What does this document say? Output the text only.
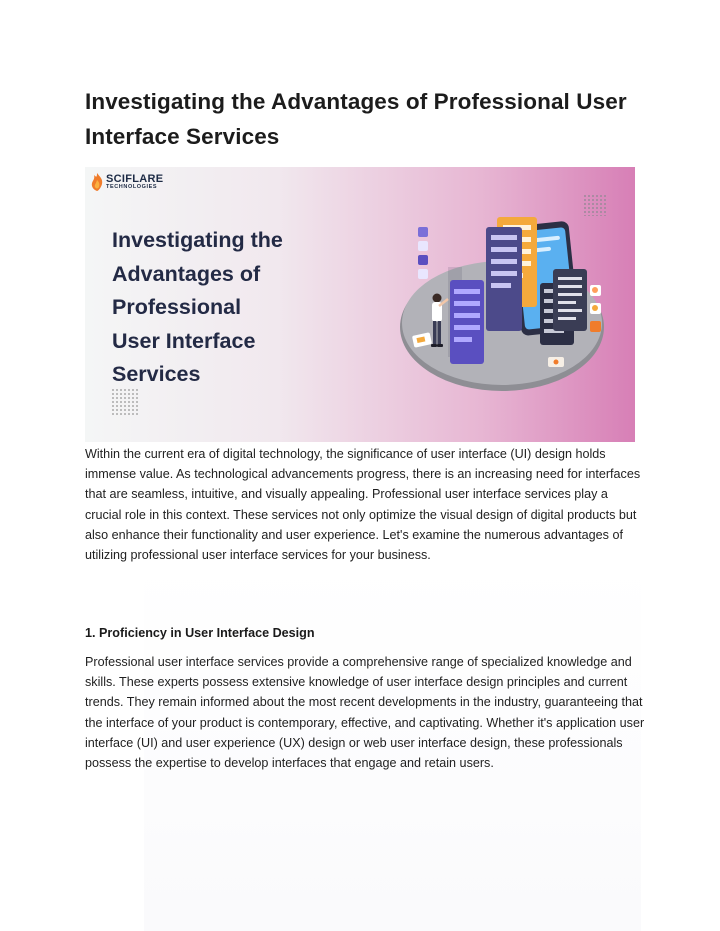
Investigating the Advantages of Professional User Interface Services
SCIFLARE
TECHNOLOGIES
Investigating the
Advantages of
Professional
User Interface
Services

Within the current era of digital technology, the significance of user interface (UI) design holds immense value. As technological advancements progress, there is an increasing need for interfaces that are seamless, intuitive, and visually appealing. Professional user interface services play a crucial role in this context. These services not only optimize the visual design of digital products but also enhance their functionality and user experience. Let's examine the numerous advantages of utilizing professional user interface services for your business.

1. Proficiency in User Interface Design

Professional user interface services provide a comprehensive range of specialized knowledge and skills. These experts possess extensive knowledge of user interface design principles and current trends. They remain informed about the most recent developments in the industry, guaranteeing that the interface of your product is contemporary, effective, and captivating. Whether it's application user interface (UI) and user experience (UX) design or web user interface design, these professionals possess the expertise to develop interfaces that engage and retain users.
